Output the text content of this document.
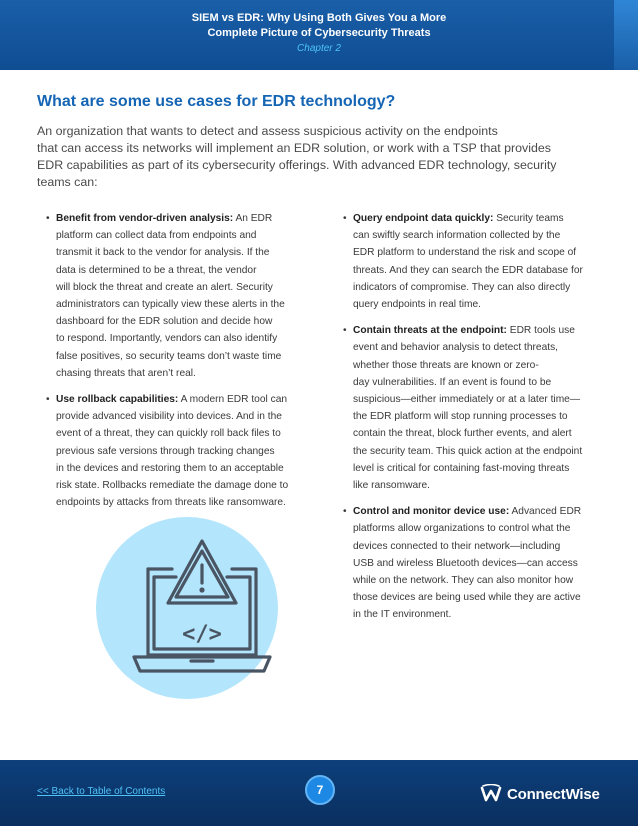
SIEM vs EDR: Why Using Both Gives You a More
Complete Picture of Cybersecurity Threats
Chapter 2
What are some use cases for EDR technology?

An organization that wants to detect and assess suspicious activity on the endpoints
that can access its networks will implement an EDR solution, or work with a TSP that provides
EDR capabilities as part of its cybersecurity offerings. With advanced EDR technology, security
teams can:

• Benefit from vendor-driven analysis: An EDR
platform can collect data from endpoints and
transmit it back to the vendor for analysis. If the
data is determined to be a threat, the vendor
will block the threat and create an alert. Security
administrators can typically view these alerts in the
dashboard for the EDR solution and decide how
to respond. Importantly, vendors can also identify
false positives, so security teams don’t waste time
chasing threats that aren’t real.
• Use rollback capabilities: A modern EDR tool can
provide advanced visibility into devices. And in the
event of a threat, they can quickly roll back files to
previous safe versions through tracking changes
in the devices and restoring them to an acceptable
risk state. Rollbacks remediate the damage done to
endpoints by attacks from threats like ransomware.
• Query endpoint data quickly: Security teams
can swiftly search information collected by the
EDR platform to understand the risk and scope of
threats. And they can search the EDR database for
indicators of compromise. They can also directly
query endpoints in real time.
• Contain threats at the endpoint: EDR tools use
event and behavior analysis to detect threats,
whether those threats are known or zero-
day vulnerabilities. If an event is found to be
suspicious—either immediately or at a later time—
the EDR platform will stop running processes to
contain the threat, block further events, and alert
the security team. This quick action at the endpoint
level is critical for containing fast-moving threats
like ransomware.
• Control and monitor device use: Advanced EDR
platforms allow organizations to control what the
devices connected to their network—including
USB and wireless Bluetooth devices—can access
while on the network. They can also monitor how
those devices are being used while they are active
in the IT environment.
</>
<< Back to Table of Contents	7	ConnectWise
